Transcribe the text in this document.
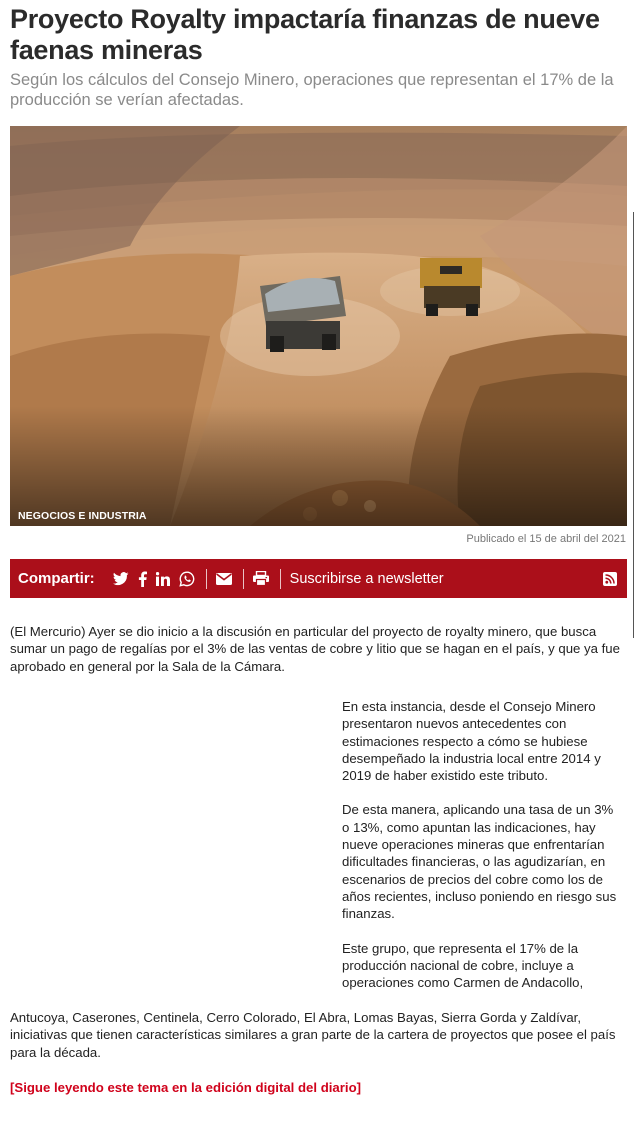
Proyecto Royalty impactaría finanzas de nueve faenas mineras

Según los cálculos del Consejo Minero, operaciones que representan el 17% de la producción se verían afectadas.

NEGOCIOS E INDUSTRIA
Publicado el 15 de abril del 2021
Compartir:	Suscribirse a newsletter

(El Mercurio) Ayer se dio inicio a la discusión en particular del proyecto de royalty minero, que busca sumar un pago de regalías por el 3% de las ventas de cobre y litio que se hagan en el país, y que ya fue aprobado en general por la Sala de la Cámara.

En esta instancia, desde el Consejo Minero presentaron nuevos antecedentes con estimaciones respecto a cómo se hubiese desempeñado la industria local entre 2014 y 2019 de haber existido este tributo.

De esta manera, aplicando una tasa de un 3% o 13%, como apuntan las indicaciones, hay nueve operaciones mineras que enfrentarían dificultades financieras, o las agudizarían, en escenarios de precios del cobre como los de años recientes, incluso poniendo en riesgo sus finanzas.

Este grupo, que representa el 17% de la producción nacional de cobre, incluye a operaciones como Carmen de Andacollo,

Antucoya, Caserones, Centinela, Cerro Colorado, El Abra, Lomas Bayas, Sierra Gorda y Zaldívar, iniciativas que tienen características similares a gran parte de la cartera de proyectos que posee el país para la década.

[Sigue leyendo este tema en la edición digital del diario]
